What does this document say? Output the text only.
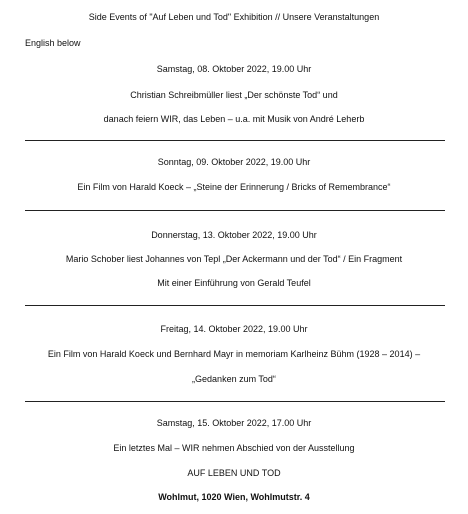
Side Events of "Auf Leben und Tod" Exhibition // Unsere Veranstaltungen
English below
Samstag, 08. Oktober 2022, 19.00 Uhr
Christian Schreibmüller liest „Der schönste Tod“ und
danach feiern WIR, das Leben – u.a. mit Musik von André Leherb
Sonntag, 09. Oktober 2022, 19.00 Uhr
Ein Film von Harald Koeck – „Steine der Erinnerung / Bricks of Remembrance“
Donnerstag, 13. Oktober 2022, 19.00 Uhr
Mario Schober liest Johannes von Tepl „Der Ackermann und der Tod“ / Ein Fragment
Mit einer Einführung von Gerald Teufel
Freitag, 14. Oktober 2022, 19.00 Uhr
Ein Film von Harald Koeck und Bernhard Mayr in memoriam Karlheinz Bühm (1928 – 2014) –
„Gedanken zum Tod“
Samstag, 15. Oktober 2022, 17.00 Uhr
Ein letztes Mal – WIR nehmen Abschied von der Ausstellung
AUF LEBEN UND TOD
Wohlmut, 1020 Wien, Wohlmutstr. 4
